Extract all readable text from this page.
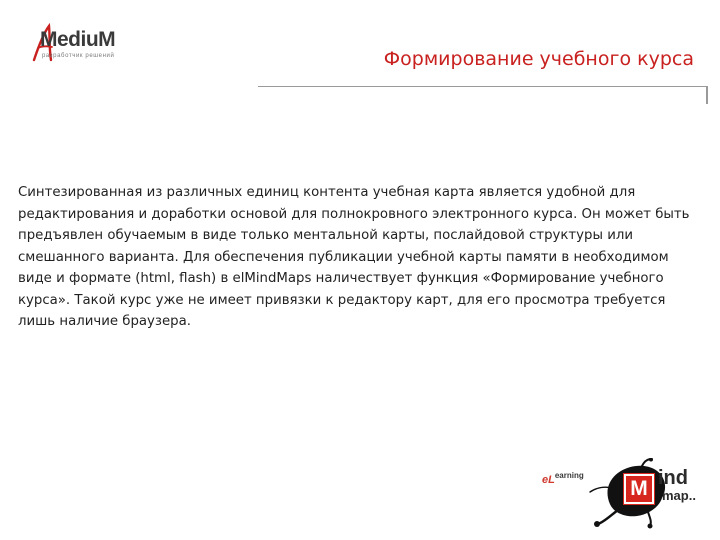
MediuM
разработчик решений	Формирование учебного курса

Синтезированная из различных единиц контента учебная карта является удобной для редактирования и доработки основой для полнокровного электронного курса. Он может быть предъявлен обучаемым в виде только ментальной карты, послайдовой структуры или смешанного варианта. Для обеспечения публикации учебной карты памяти в необходимом виде и формате (html, flash) в elMindMaps наличествует функция «Формирование учебного курса». Такой курс уже не имеет привязки к редактору карт, для его просмотра требуется лишь наличие браузера.

$eL^{earning}$
M ind
map..
